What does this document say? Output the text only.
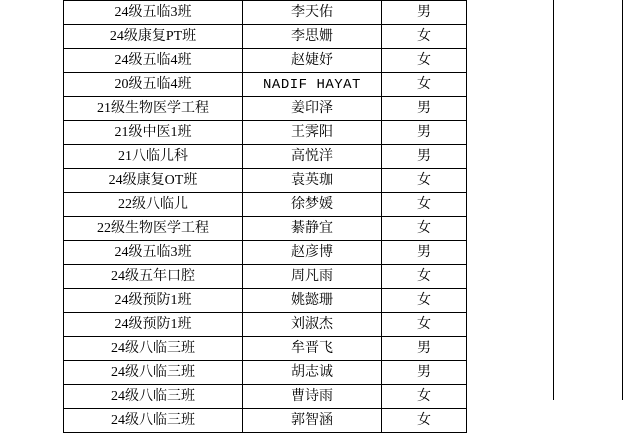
24级五临3班	李天佑	男
24级康复PT班	李思姗	女
24级五临4班	赵婕妤	女
20级五临4班	NADIF HAYAT	女
21级生物医学工程	姜印泽	男
21级中医1班	王霁阳	男
21八临儿科	高悦洋	男
24级康复OT班	袁英珈	女
22级八临儿	徐梦媛	女
22级生物医学工程	綦静宜	女
24级五临3班	赵彦博	男
24级五年口腔	周凡雨	女
24级预防1班	姚懿珊	女
24级预防1班	刘淑杰	女
24级八临三班	牟晋飞	男
24级八临三班	胡志诚	男
24级八临三班	曹诗雨	女
24级八临三班	郭智涵	女
